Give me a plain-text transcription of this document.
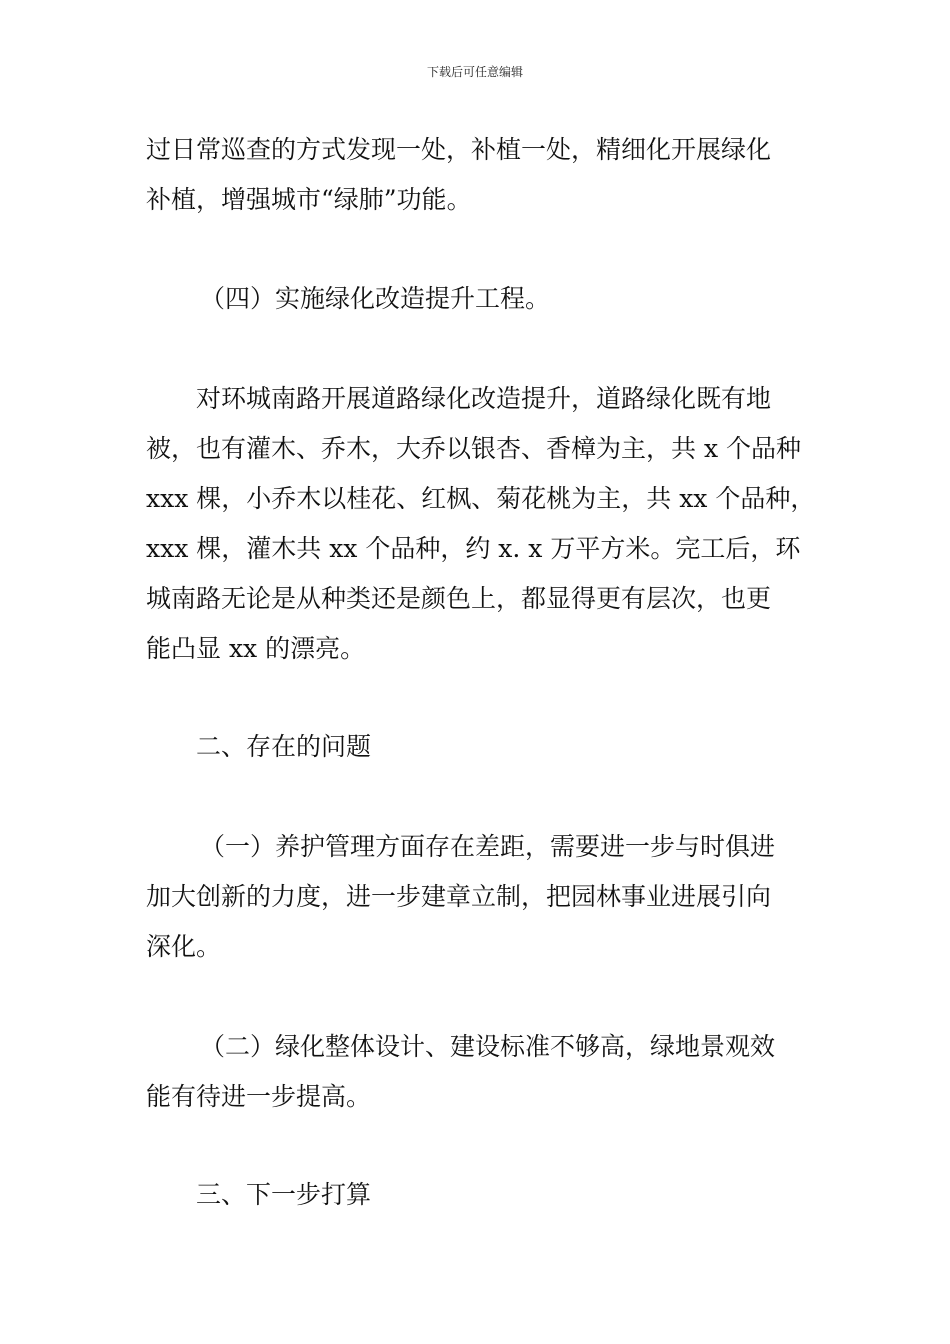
下载后可任意编辑
过日常巡查的方式发现一处，补植一处，精细化开展绿化
补植，增强城市“绿肺”功能。
（四）实施绿化改造提升工程。
对环城南路开展道路绿化改造提升，道路绿化既有地
被，也有灌木、乔木，大乔以银杏、香樟为主，共 x 个品种
xxx 棵，小乔木以桂花、红枫、菊花桃为主，共 xx 个品种，
xxx 棵，灌木共 xx 个品种，约 x. x 万平方米。完工后，环
城南路无论是从种类还是颜色上，都显得更有层次，也更
能凸显 xx 的漂亮。
二、存在的问题
（一）养护管理方面存在差距，需要进一步与时俱进
加大创新的力度，进一步建章立制，把园林事业进展引向
深化。
（二）绿化整体设计、建设标准不够高，绿地景观效
能有待进一步提高。
三、下一步打算
